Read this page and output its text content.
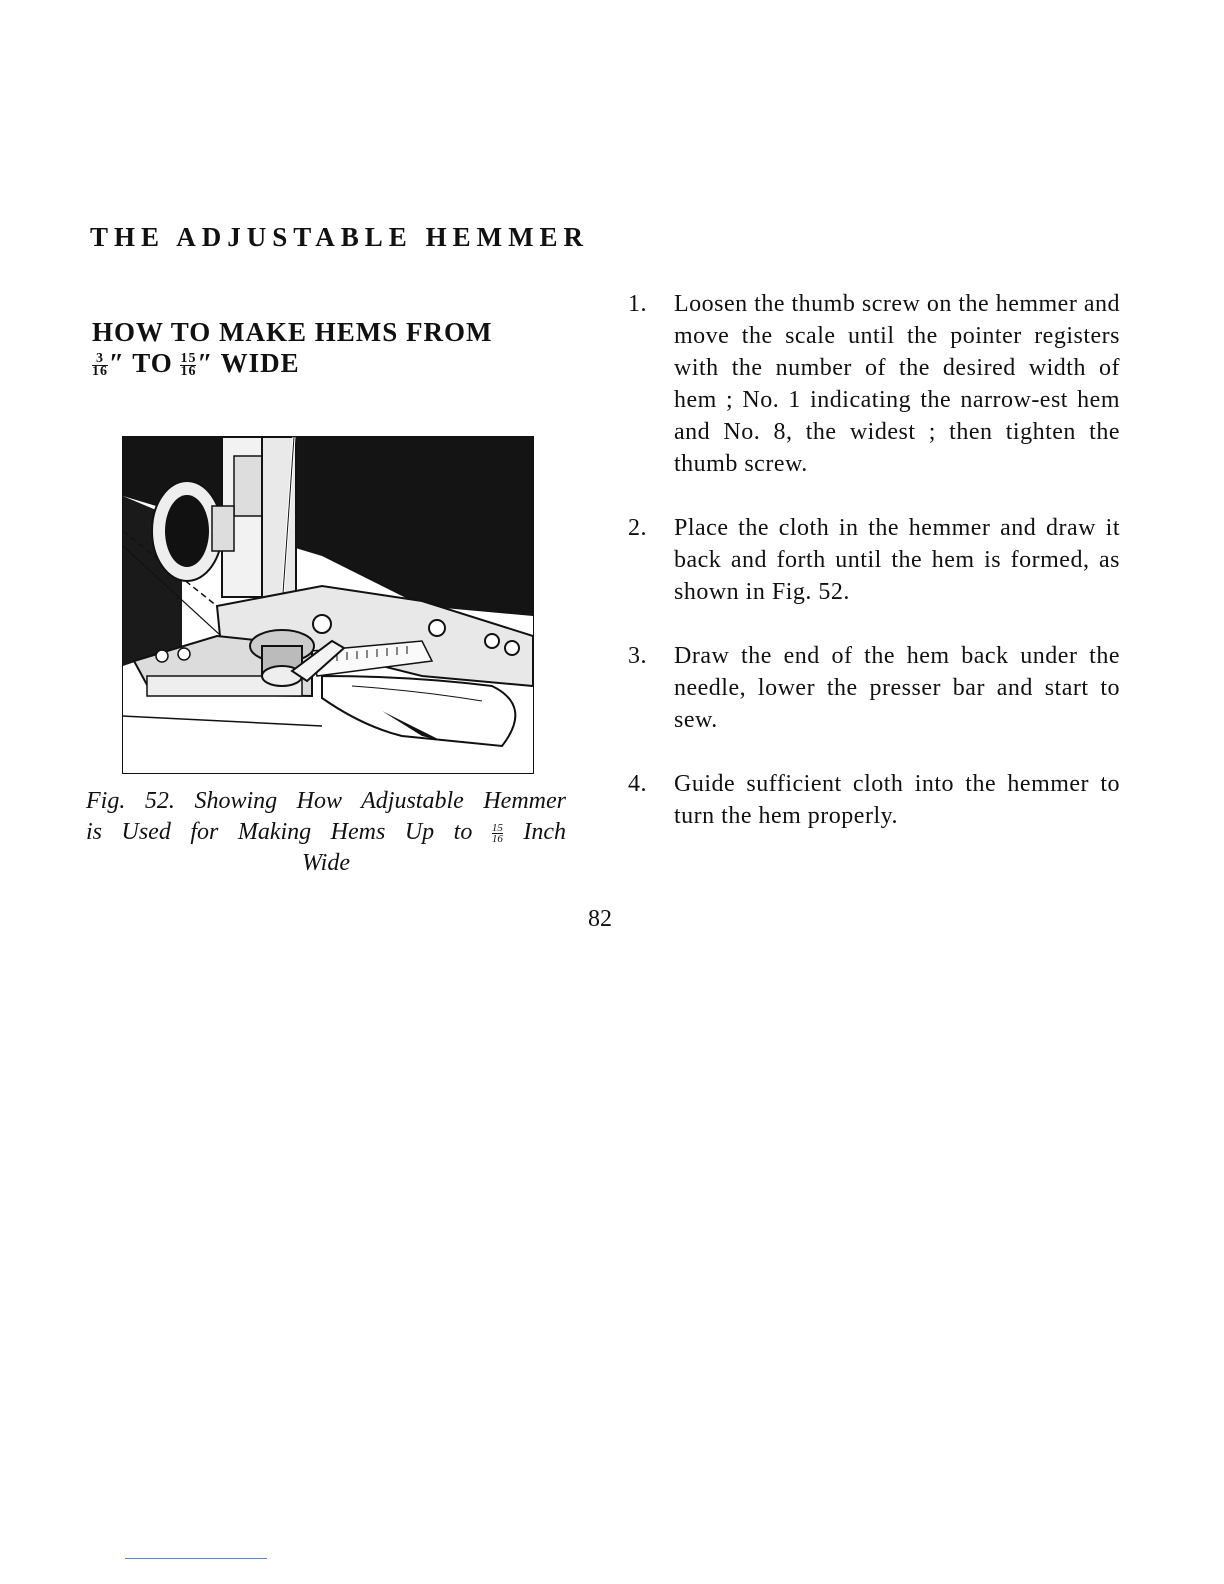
THE ADJUSTABLE HEMMER
HOW TO MAKE HEMS FROM

$\frac{3}{16}$ ″ TO $\frac{15}{16}$ ″ WIDE
Fig. 52. Showing How Adjustable Hemmer
is Used for Making Hems Up to $\frac{15}{16}$ Inch
Wide
1. Loosen the thumb screw on the hemmer and move the scale until the pointer registers with the number of the desired width of hem ; No. 1 indicating the narrow-est hem and No. 8, the widest ; then tighten the thumb screw.
2. Place the cloth in the hemmer and draw it back and forth until the hem is formed, as shown in Fig. 52.
3. Draw the end of the hem back under the needle, lower the presser bar and start to sew.
4. Guide sufficient cloth into the hemmer to turn the hem properly.
82
